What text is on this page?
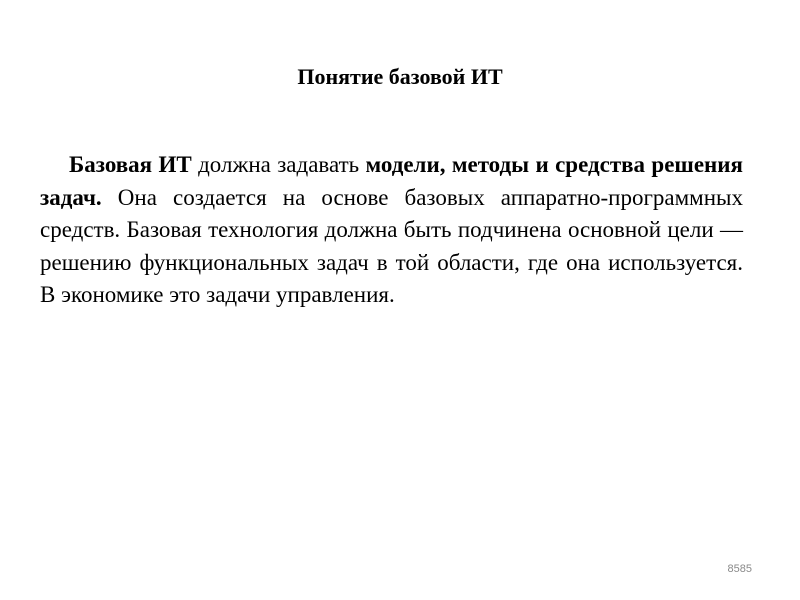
Понятие базовой ИТ

Базовая ИТ должна задавать модели, методы и средства решения задач. Она создается на основе базовых аппаратно-программных средств. Базовая технология должна быть подчинена основной цели — решению функциональных задач в той области, где она используется. В экономике это задачи управления.

8585
